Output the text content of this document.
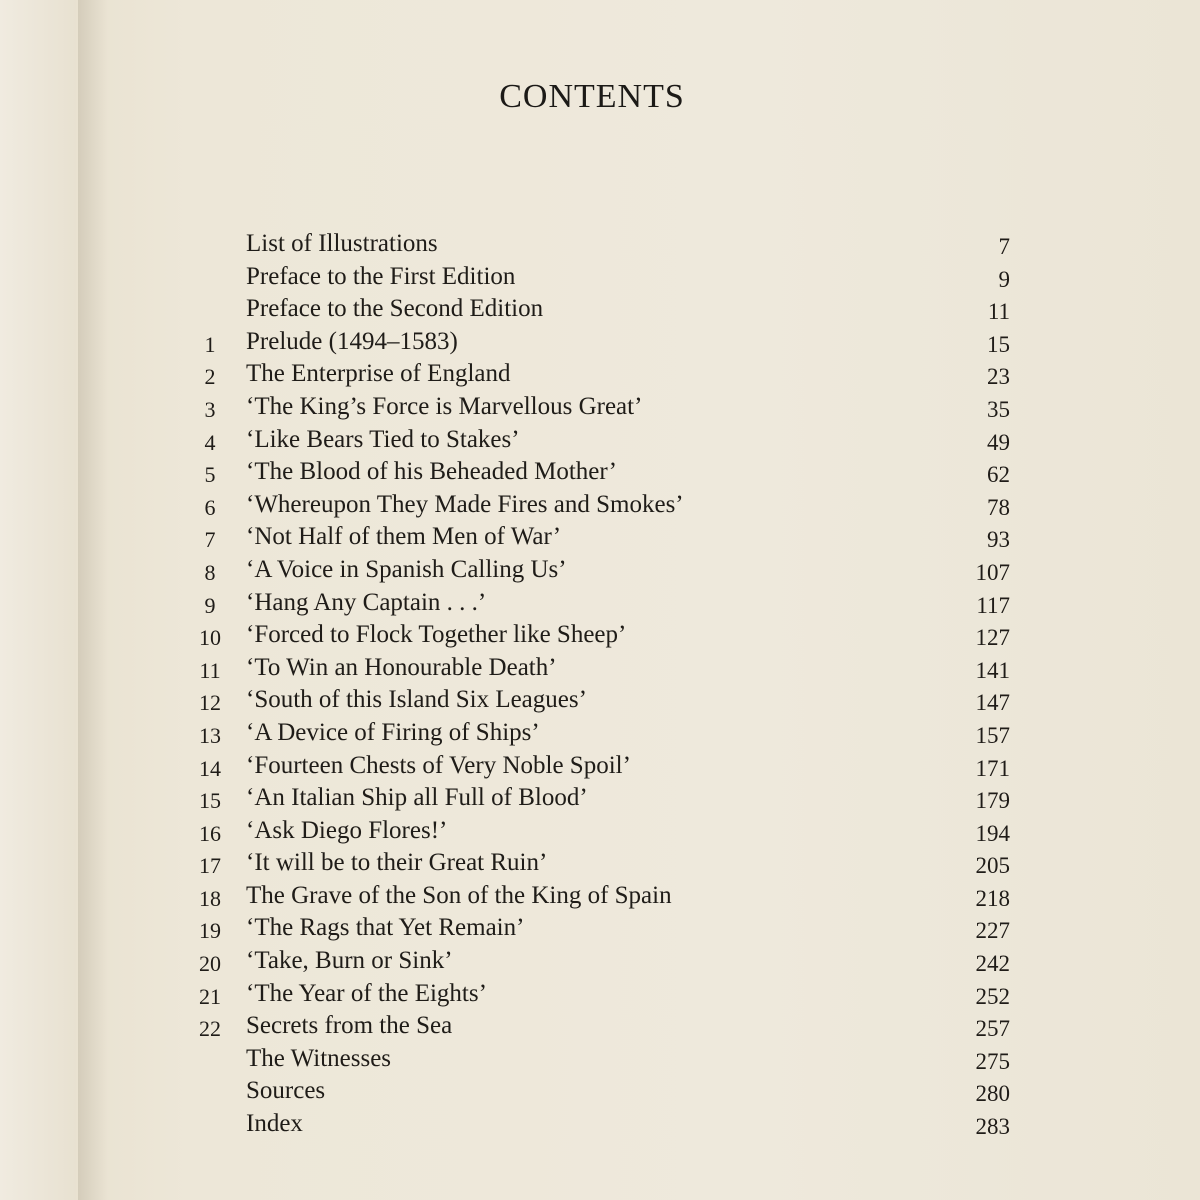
CONTENTS
List of Illustrations	7
Preface to the First Edition	9
Preface to the Second Edition	11
1	Prelude (1494–1583)	15
2	The Enterprise of England	23
3	‘The King’s Force is Marvellous Great’	35
4	‘Like Bears Tied to Stakes’	49
5	‘The Blood of his Beheaded Mother’	62
6	‘Whereupon They Made Fires and Smokes’	78
7	‘Not Half of them Men of War’	93
8	‘A Voice in Spanish Calling Us’	107
9	‘Hang Any Captain . . .’	117
10	‘Forced to Flock Together like Sheep’	127
11	‘To Win an Honourable Death’	141
12	‘South of this Island Six Leagues’	147
13	‘A Device of Firing of Ships’	157
14	‘Fourteen Chests of Very Noble Spoil’	171
15	‘An Italian Ship all Full of Blood’	179
16	‘Ask Diego Flores!’	194
17	‘It will be to their Great Ruin’	205
18	The Grave of the Son of the King of Spain	218
19	‘The Rags that Yet Remain’	227
20	‘Take, Burn or Sink’	242
21	‘The Year of the Eights’	252
22	Secrets from the Sea	257
The Witnesses	275
Sources	280
Index	283
